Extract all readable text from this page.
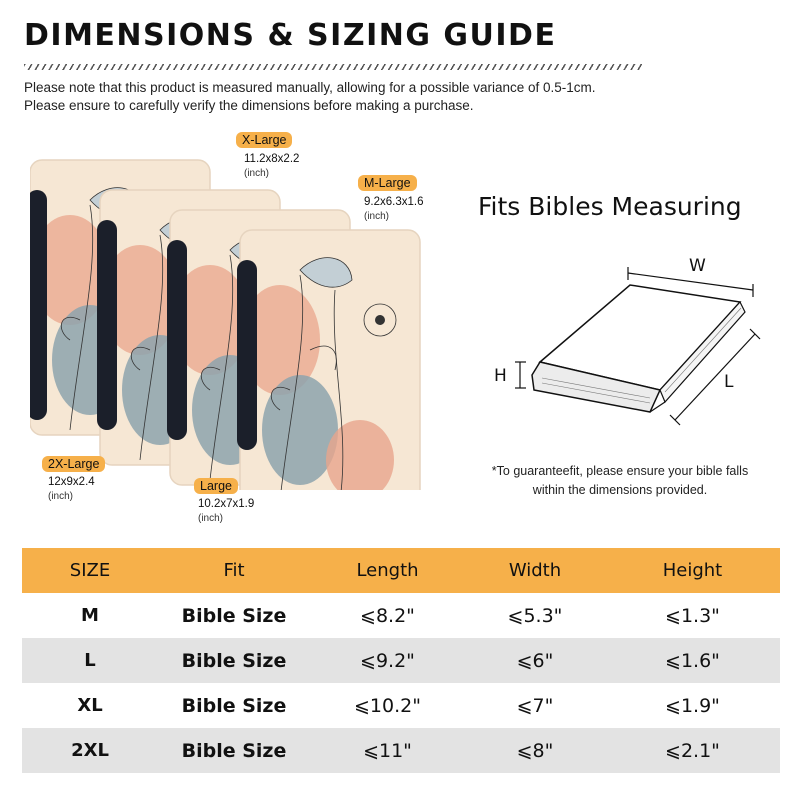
DIMENSIONS & SIZING GUIDE
Please note that this product is measured manually, allowing for a possible variance of 0.5-1cm.
Please ensure to carefully verify the dimensions before making a purchase.
X-Large
11.2x8x2.2
(inch)
M-Large
9.2x6.3x1.6
(inch)
2X-Large
12x9x2.4
(inch)
Large
10.2x7x1.9
(inch)
Fits Bibles Measuring
W
H	L
*To guaranteefit, please ensure your bible falls
within the dimensions provided.
SIZE	Fit	Length	Width	Height
M	Bible Size	⩽8.2"	⩽5.3"	⩽1.3"
L	Bible Size	⩽9.2"	⩽6"	⩽1.6"
XL	Bible Size	⩽10.2"	⩽7"	⩽1.9"
2XL	Bible Size	⩽11"	⩽8"	⩽2.1"
